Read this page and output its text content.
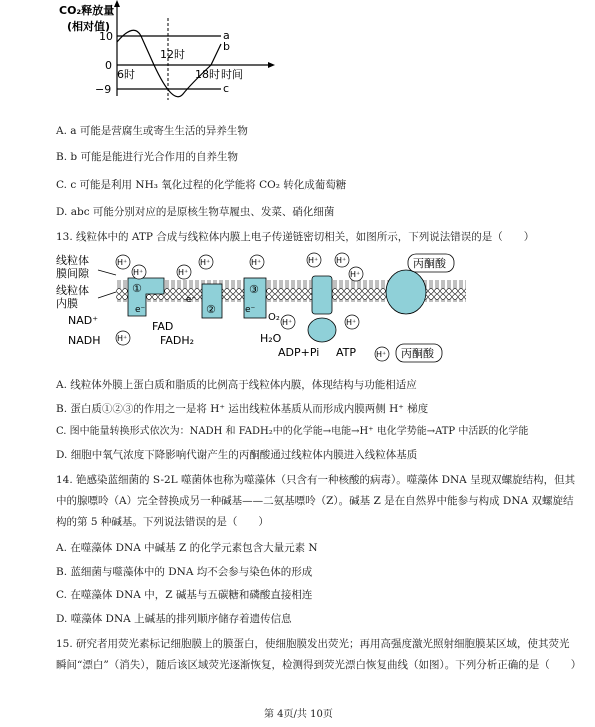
CO₂释放量
(相对值)
10
0
−9
6时
12时
18时 时间
a
b
c
A. a 可能是营腐生或寄生生活的异养生物
B. b 可能是能进行光合作用的自养生物
C. c 可能是利用 NH₃ 氧化过程的化学能将 CO₂ 转化成葡萄糖
D. abc 可能分别对应的是原核生物草履虫、发菜、硝化细菌
13. 线粒体中的 ATP 合成与线粒体内膜上电子传递链密切相关，如图所示，下列说法错误的是（　　）
线粒体
膜间隙
线粒体
内膜
①
e⁻	②
e⁻
③
e⁻
丙酮酸
丙酮酸
H⁺
H⁺	H⁺
H⁺	H⁺	H⁺ H⁺
H⁺
H⁺
H⁺	H⁺
H⁺
NAD⁺
NADH
FAD
FADH₂
O₂
H₂O
ADP+Pi ATP
A. 线粒体外膜上蛋白质和脂质的比例高于线粒体内膜，体现结构与功能相适应
B. 蛋白质①②③的作用之一是将 H⁺ 运出线粒体基质从而形成内膜两侧 H⁺ 梯度
C. 图中能量转换形式依次为：NADH 和 FADH₂中的化学能→电能→H⁺ 电化学势能→ATP 中活跃的化学能
D. 细胞中氧气浓度下降影响代谢产生的丙酮酸通过线粒体内膜进入线粒体基质
14. 铯感染蓝细菌的 S-2L 噬菌体也称为噬藻体（只含有一种核酸的病毒）。噬藻体 DNA 呈现双螺旋结构，但其中的腺嘌呤（A）完全替换成另一种碱基——二氨基嘌呤（Z）。碱基 Z 是在自然界中能参与构成 DNA 双螺旋结构的第 5 种碱基。下列说法错误的是（　　）
A. 在噬藻体 DNA 中碱基 Z 的化学元素包含大量元素 N
B. 蓝细菌与噬藻体中的 DNA 均不会参与染色体的形成
C. 在噬藻体 DNA 中，Z 碱基与五碳糖和磷酸直接相连
D. 噬藻体 DNA 上碱基的排列顺序储存着遗传信息
15. 研究者用荧光素标记细胞膜上的膜蛋白，使细胞膜发出荧光；再用高强度激光照射细胞膜某区域，使其荧光瞬间“漂白”（消失），随后该区域荧光逐渐恢复，检测得到荧光漂白恢复曲线（如图）。下列分析正确的是（　　）
第 4页/共 10页
